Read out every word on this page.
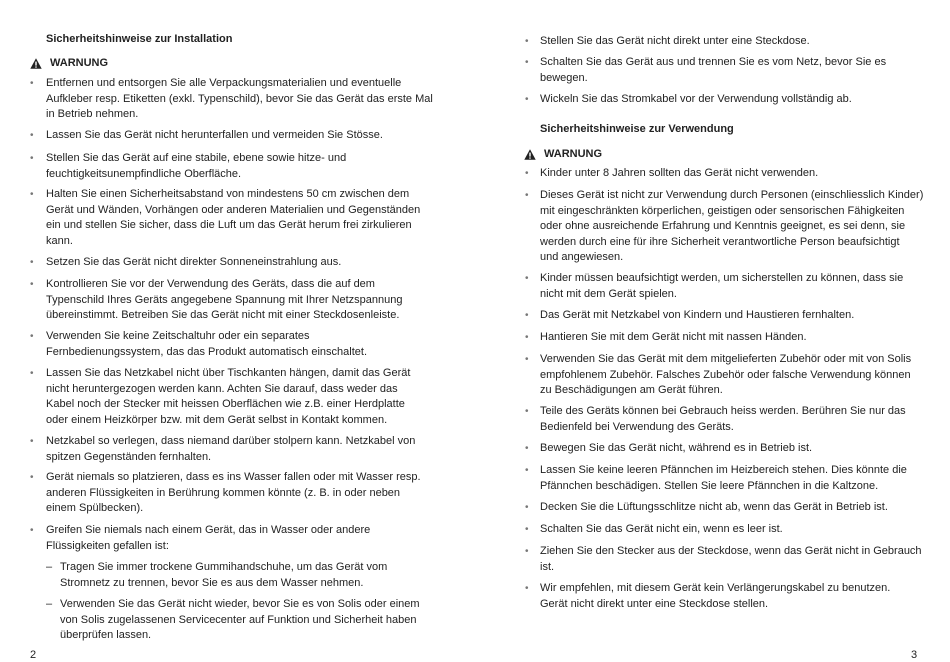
Sicherheitshinweise zur Installation
WARNUNG
• Entfernen und entsorgen Sie alle Verpackungsmaterialien und eventuelle
Aufkleber resp. Etiketten (exkl. Typenschild), bevor Sie das Gerät das erste Mal
in Betrieb nehmen.
• Lassen Sie das Gerät nicht herunterfallen und vermeiden Sie Stösse.
• Stellen Sie das Gerät auf eine stabile, ebene sowie hitze- und
feuchtigkeitsunempfindliche Oberfläche.
• Halten Sie einen Sicherheitsabstand von mindestens 50 cm zwischen dem
Gerät und Wänden, Vorhängen oder anderen Materialien und Gegenständen
ein und stellen Sie sicher, dass die Luft um das Gerät herum frei zirkulieren
kann.
• Setzen Sie das Gerät nicht direkter Sonneneinstrahlung aus.
• Kontrollieren Sie vor der Verwendung des Geräts, dass die auf dem
Typenschild Ihres Geräts angegebene Spannung mit Ihrer Netzspannung
übereinstimmt. Betreiben Sie das Gerät nicht mit einer Steckdosenleiste.
• Verwenden Sie keine Zeitschaltuhr oder ein separates
Fernbedienungssystem, das das Produkt automatisch einschaltet.
• Lassen Sie das Netzkabel nicht über Tischkanten hängen, damit das Gerät
nicht heruntergezogen werden kann. Achten Sie darauf, dass weder das
Kabel noch der Stecker mit heissen Oberflächen wie z.B. einer Herdplatte
oder einem Heizkörper bzw. mit dem Gerät selbst in Kontakt kommen.
• Netzkabel so verlegen, dass niemand darüber stolpern kann. Netzkabel von
spitzen Gegenständen fernhalten.
• Gerät niemals so platzieren, dass es ins Wasser fallen oder mit Wasser resp.
anderen Flüssigkeiten in Berührung kommen könnte (z. B. in oder neben
einem Spülbecken).
• Greifen Sie niemals nach einem Gerät, das in Wasser oder andere
Flüssigkeiten gefallen ist:
– Tragen Sie immer trockene Gummihandschuhe, um das Gerät vom
Stromnetz zu trennen, bevor Sie es aus dem Wasser nehmen.
– Verwenden Sie das Gerät nicht wieder, bevor Sie es von Solis oder einem
von Solis zugelassenen Servicecenter auf Funktion und Sicherheit haben
überprüfen lassen.
2
• Stellen Sie das Gerät nicht direkt unter eine Steckdose.
• Schalten Sie das Gerät aus und trennen Sie es vom Netz, bevor Sie es
bewegen.
• Wickeln Sie das Stromkabel vor der Verwendung vollständig ab.
Sicherheitshinweise zur Verwendung
WARNUNG
• Kinder unter 8 Jahren sollten das Gerät nicht verwenden.
• Dieses Gerät ist nicht zur Verwendung durch Personen (einschliesslich Kinder)
mit eingeschränkten körperlichen, geistigen oder sensorischen Fähigkeiten
oder ohne ausreichende Erfahrung und Kenntnis geeignet, es sei denn, sie
werden durch eine für ihre Sicherheit verantwortliche Person beaufsichtigt
und angewiesen.
• Kinder müssen beaufsichtigt werden, um sicherstellen zu können, dass sie
nicht mit dem Gerät spielen.
• Das Gerät mit Netzkabel von Kindern und Haustieren fernhalten.
• Hantieren Sie mit dem Gerät nicht mit nassen Händen.
• Verwenden Sie das Gerät mit dem mitgelieferten Zubehör oder mit von Solis
empfohlenem Zubehör. Falsches Zubehör oder falsche Verwendung können
zu Beschädigungen am Gerät führen.
• Teile des Geräts können bei Gebrauch heiss werden. Berühren Sie nur das
Bedienfeld bei Verwendung des Geräts.
• Bewegen Sie das Gerät nicht, während es in Betrieb ist.
• Lassen Sie keine leeren Pfännchen im Heizbereich stehen. Dies könnte die
Pfännchen beschädigen. Stellen Sie leere Pfännchen in die Kaltzone.
• Decken Sie die Lüftungsschlitze nicht ab, wenn das Gerät in Betrieb ist.
• Schalten Sie das Gerät nicht ein, wenn es leer ist.
• Ziehen Sie den Stecker aus der Steckdose, wenn das Gerät nicht in Gebrauch
ist.
• Wir empfehlen, mit diesem Gerät kein Verlängerungskabel zu benutzen.
Gerät nicht direkt unter eine Steckdose stellen.
3
